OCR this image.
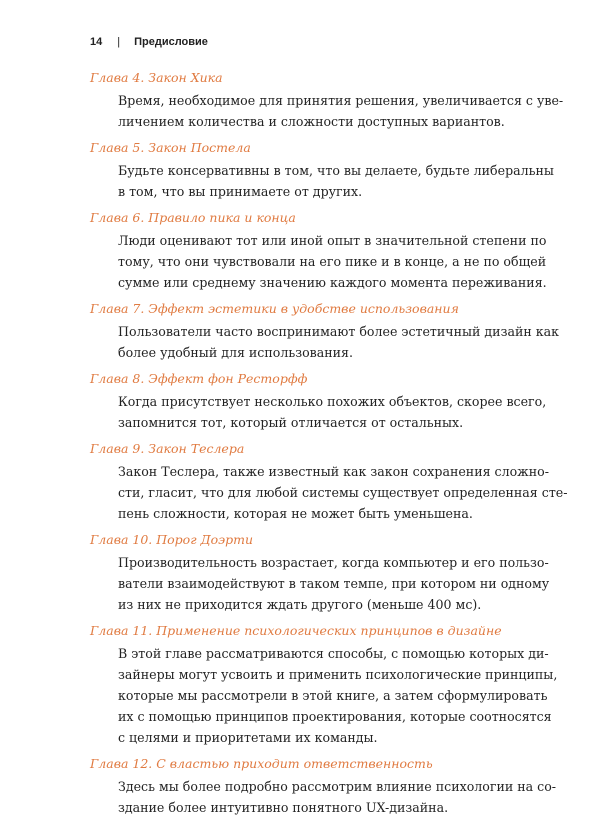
14 | Предисловие
Глава 4. Закон Хика
Время, необходимое для принятия решения, увеличивается с уве-
личением количества и сложности доступных вариантов.
Глава 5. Закон Постела
Будьте консервативны в том, что вы делаете, будьте либеральны
в том, что вы принимаете от других.
Глава 6. Правило пика и конца
Люди оценивают тот или иной опыт в значительной степени по
тому, что они чувствовали на его пике и в конце, а не по общей
сумме или среднему значению каждого момента переживания.
Глава 7. Эффект эстетики в удобстве использования
Пользователи часто воспринимают более эстетичный дизайн как
более удобный для использования.
Глава 8. Эффект фон Ресторфф
Когда присутствует несколько похожих объектов, скорее всего,
запомнится тот, который отличается от остальных.
Глава 9. Закон Теслера
Закон Теслера, также известный как закон сохранения сложно-
сти, гласит, что для любой системы существует определенная сте-
пень сложности, которая не может быть уменьшена.
Глава 10. Порог Доэрти
Производительность возрастает, когда компьютер и его пользо-
ватели взаимодействуют в таком темпе, при котором ни одному
из них не приходится ждать другого (меньше 400 мс).
Глава 11. Применение психологических принципов в дизайне
В этой главе рассматриваются способы, с помощью которых ди-
зайнеры могут усвоить и применить психологические принципы,
которые мы рассмотрели в этой книге, а затем сформулировать
их с помощью принципов проектирования, которые соотносятся
с целями и приоритетами их команды.
Глава 12. С властью приходит ответственность
Здесь мы более подробно рассмотрим влияние психологии на со-
здание более интуитивно понятного UX-дизайна.
